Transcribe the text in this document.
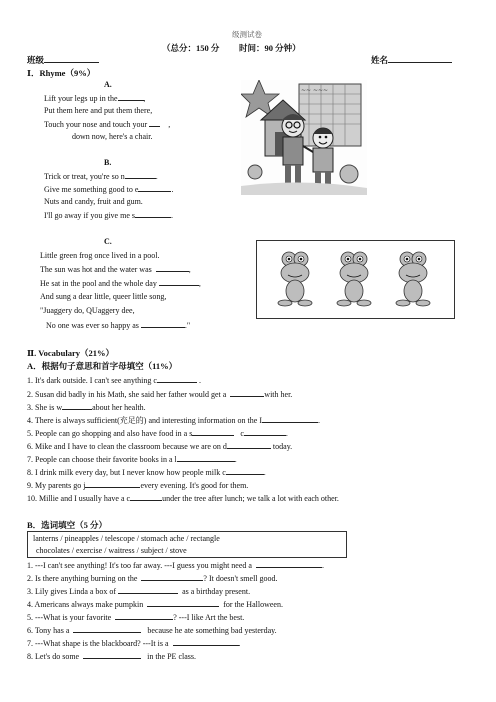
级测试卷
（总分：150 分 时间：90 分钟）
班级	姓名
Ⅰ．Rhyme（9%）
A.
Lift your legs up in the	,
Put them here and put them there,
Touch your nose and touch your	,
down now, here's a chair.
B.
Trick or treat, you're so n	.
Give me something good to e	.
Nuts and candy, fruit and gum.
I'll go away if you give me s	.
C.
Little green frog once lived in a pool.
The sun was hot and the water was	,
He sat in the pool and the whole day	,
And sung a dear little, queer little song,
"Juaggery do, QUaggery dee,
No one was ever so happy as	."
~~ ~~~
Ⅱ. Vocabulary（21%）
A．根据句子意思和首字母填空（11%）
1. It's dark outside. I can't see anything c	.
2. Susan did badly in his Math, she said her father would get a	with her.
3. She is w	about her health.
4. There is always sufficient(充足的) and interesting information on the I	.
5. People can go shopping and also have food in a s	c	.
6. Mike and I have to clean the classroom because we are on d	today.
7. People can choose their favorite books in a l	.
8. I drink milk every day, but I never know how people milk c	.
9. My parents go j	every evening. It's good for them.
10. Millie and I usually have a c	under the tree after lunch; we talk a lot with each other.
B．选词填空（5 分）
lanterns / pineapples / telescope / stomach ache / rectangle
chocolates / exercise / waitress / subject / stove
1. ---I can't see anything! It's too far away. ---I guess you might need a	.
2. Is there anything burning on the	? It doesn't smell good.
3. Lily gives Linda a box of	as a birthday present.
4. Americans always make pumpkin	for the Halloween.
5. ---What is your favorite	? ---I like Art the best.
6. Tony has a	because he ate something bad yesterday.
7. ---What shape is the blackboard? ---It is a	.
8. Let's do some	in the PE class.
